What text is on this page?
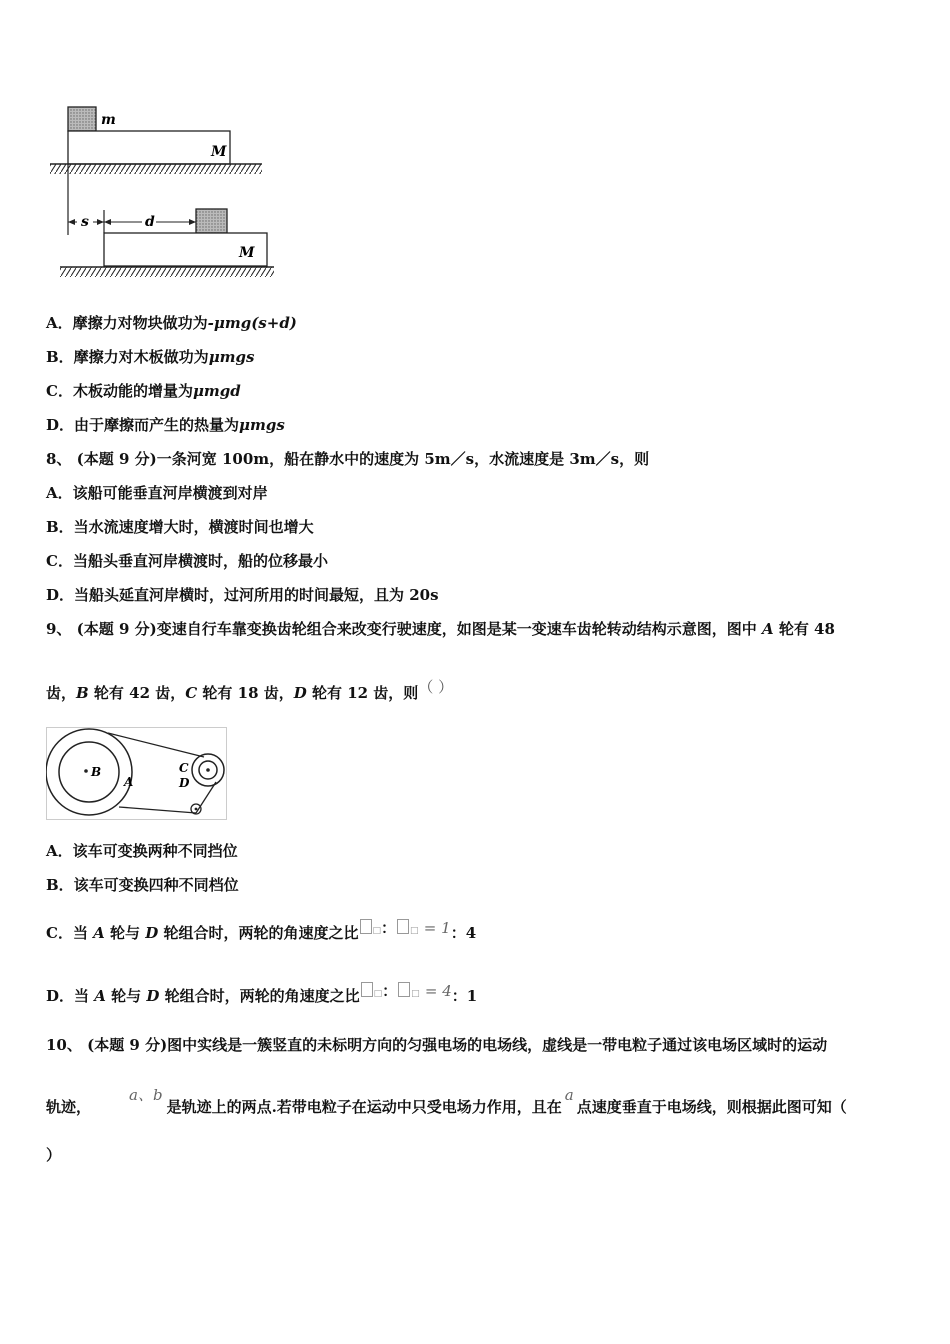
m
M
s	d
M
A．摩擦力对物块做功为-μmg(s+d)
B．摩擦力对木板做功为μmgs
C．木板动能的增量为μmgd
D．由于摩擦而产生的热量为μmgs
8、 (本题 9 分)一条河宽 100m，船在静水中的速度为 5m／s，水流速度是 3m／s，则
A．该船可能垂直河岸横渡到对岸
B．当水流速度增大时，横渡时间也增大
C．当船头垂直河岸横渡时，船的位移最小
D．当船头延直河岸横时，过河所用的时间最短，且为 20s
9、 (本题 9 分)变速自行车靠变换齿轮组合来改变行驶速度，如图是某一变速车齿轮转动结构示意图，图中 A 轮有 48
齿，B 轮有 42 齿，C 轮有 18 齿，D 轮有 12 齿，则（ ）
B
A
C
D
A．该车可变换两种不同挡位
B．该车可变换四种不同档位
C．当 A 轮与 D 轮组合时，两轮的角速度之比 □： □ = 1：4
D．当 A 轮与 D 轮组合时，两轮的角速度之比 □： □ = 4：1
10、 (本题 9 分)图中实线是一簇竖直的未标明方向的匀强电场的电场线，虚线是一带电粒子通过该电场区域时的运动
轨迹，a、b是轨迹上的两点.若带电粒子在运动中只受电场力作用，且在a点速度垂直于电场线，则根据此图可知（
）
